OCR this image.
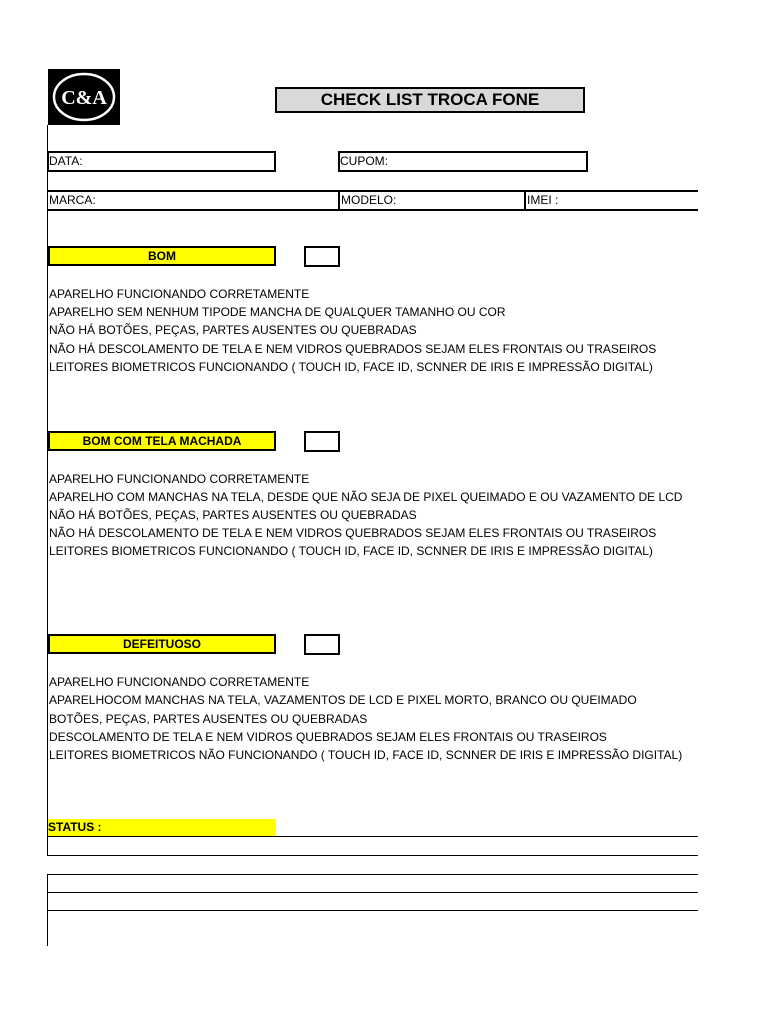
C&A	CHECK LIST TROCA FONE
DATA:	CUPOM:
MARCA:	MODELO:	IMEI :
BOM
APARELHO FUNCIONANDO CORRETAMENTE
APARELHO SEM NENHUM TIPODE MANCHA DE QUALQUER TAMANHO OU COR
NÃO HÁ BOTÕES, PEÇAS, PARTES AUSENTES OU QUEBRADAS
NÃO HÁ DESCOLAMENTO DE TELA E NEM VIDROS QUEBRADOS SEJAM ELES FRONTAIS OU TRASEIROS
LEITORES BIOMETRICOS FUNCIONANDO ( TOUCH ID, FACE ID, SCNNER DE IRIS E IMPRESSÃO DIGITAL)
BOM COM TELA MACHADA
APARELHO FUNCIONANDO CORRETAMENTE
APARELHO COM MANCHAS NA TELA, DESDE QUE NÃO SEJA DE PIXEL QUEIMADO E OU VAZAMENTO DE LCD
NÃO HÁ BOTÕES, PEÇAS, PARTES AUSENTES OU QUEBRADAS
NÃO HÁ DESCOLAMENTO DE TELA E NEM VIDROS QUEBRADOS SEJAM ELES FRONTAIS OU TRASEIROS
LEITORES BIOMETRICOS FUNCIONANDO ( TOUCH ID, FACE ID, SCNNER DE IRIS E IMPRESSÃO DIGITAL)
DEFEITUOSO
APARELHO FUNCIONANDO CORRETAMENTE
APARELHOCOM MANCHAS NA TELA, VAZAMENTOS DE LCD E PIXEL MORTO, BRANCO OU QUEIMADO
BOTÕES, PEÇAS, PARTES AUSENTES OU QUEBRADAS
DESCOLAMENTO DE TELA E NEM VIDROS QUEBRADOS SEJAM ELES FRONTAIS OU TRASEIROS
LEITORES BIOMETRICOS NÃO FUNCIONANDO ( TOUCH ID, FACE ID, SCNNER DE IRIS E IMPRESSÃO DIGITAL)
STATUS :
